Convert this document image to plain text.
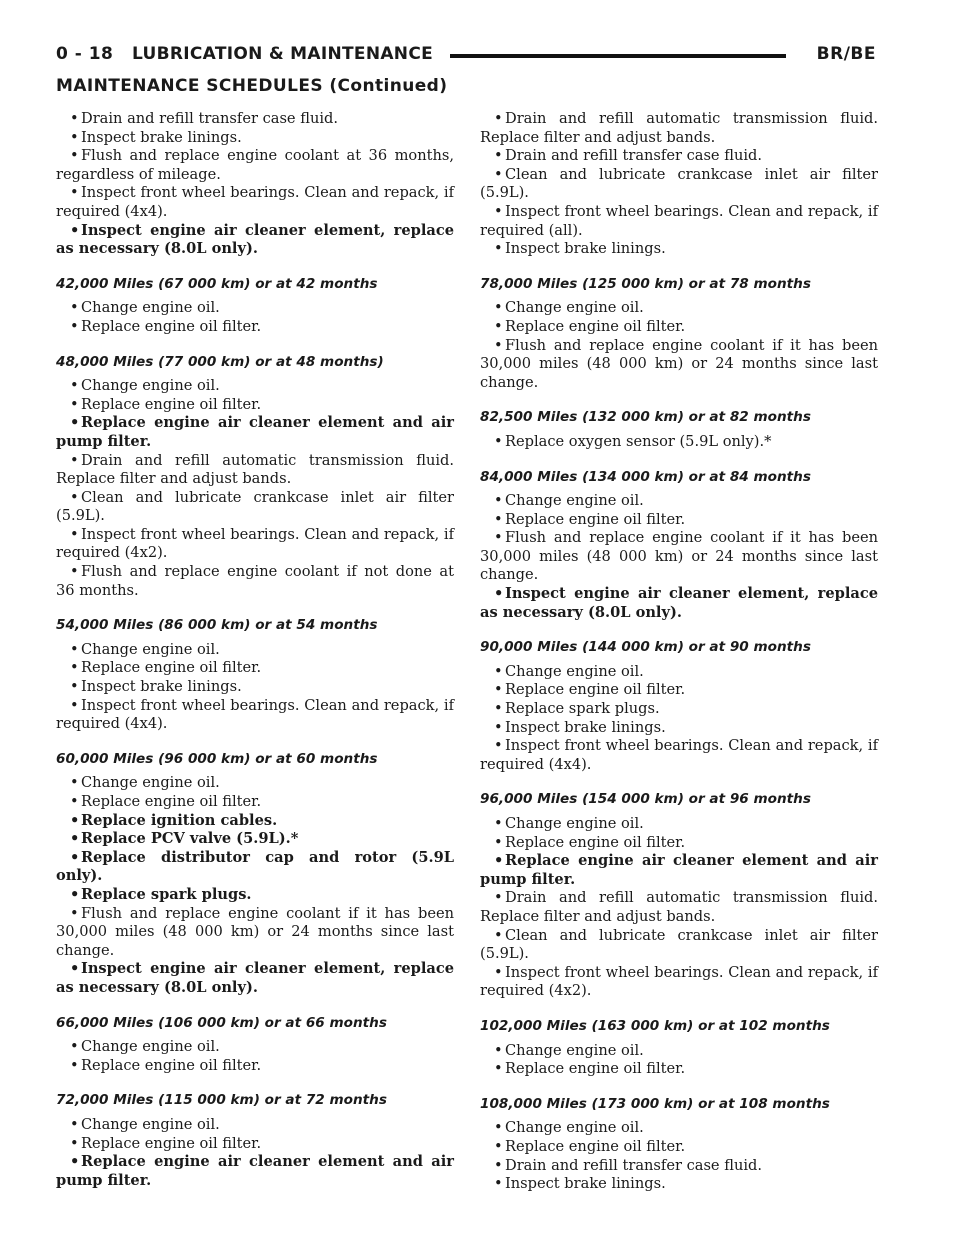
0 - 18 LUBRICATION & MAINTENANCE	BR/BE
MAINTENANCE SCHEDULES (Continued)

• Drain and refill transfer case fluid.

• Inspect brake linings.

• Flush and replace engine coolant at 36 months, regardless of mileage.

• Inspect front wheel bearings. Clean and repack, if required (4x4).

• Inspect engine air cleaner element, replace as necessary (8.0L only).

42,000 Miles (67 000 km) or at 42 months

• Change engine oil.

• Replace engine oil filter.

48,000 Miles (77 000 km) or at 48 months)

• Change engine oil.

• Replace engine oil filter.

• Replace engine air cleaner element and air pump filter.

• Drain and refill automatic transmission fluid. Replace filter and adjust bands.

• Clean and lubricate crankcase inlet air filter (5.9L).

• Inspect front wheel bearings. Clean and repack, if required (4x2).

• Flush and replace engine coolant if not done at 36 months.

54,000 Miles (86 000 km) or at 54 months

• Change engine oil.

• Replace engine oil filter.

• Inspect brake linings.

• Inspect front wheel bearings. Clean and repack, if required (4x4).

60,000 Miles (96 000 km) or at 60 months

• Change engine oil.

• Replace engine oil filter.

• Replace ignition cables.

• Replace PCV valve (5.9L).*

• Replace distributor cap and rotor (5.9L only).

• Replace spark plugs.

• Flush and replace engine coolant if it has been 30,000 miles (48 000 km) or 24 months since last change.

• Inspect engine air cleaner element, replace as necessary (8.0L only).

66,000 Miles (106 000 km) or at 66 months

• Change engine oil.

• Replace engine oil filter.

72,000 Miles (115 000 km) or at 72 months

• Change engine oil.

• Replace engine oil filter.

• Replace engine air cleaner element and air pump filter.

• Drain and refill automatic transmission fluid. Replace filter and adjust bands.

• Drain and refill transfer case fluid.

• Clean and lubricate crankcase inlet air filter (5.9L).

• Inspect front wheel bearings. Clean and repack, if required (all).

• Inspect brake linings.

78,000 Miles (125 000 km) or at 78 months

• Change engine oil.

• Replace engine oil filter.

• Flush and replace engine coolant if it has been 30,000 miles (48 000 km) or 24 months since last change.

82,500 Miles (132 000 km) or at 82 months

• Replace oxygen sensor (5.9L only).*

84,000 Miles (134 000 km) or at 84 months

• Change engine oil.

• Replace engine oil filter.

• Flush and replace engine coolant if it has been 30,000 miles (48 000 km) or 24 months since last change.

• Inspect engine air cleaner element, replace as necessary (8.0L only).

90,000 Miles (144 000 km) or at 90 months

• Change engine oil.

• Replace engine oil filter.

• Replace spark plugs.

• Inspect brake linings.

• Inspect front wheel bearings. Clean and repack, if required (4x4).

96,000 Miles (154 000 km) or at 96 months

• Change engine oil.

• Replace engine oil filter.

• Replace engine air cleaner element and air pump filter.

• Drain and refill automatic transmission fluid. Replace filter and adjust bands.

• Clean and lubricate crankcase inlet air filter (5.9L).

• Inspect front wheel bearings. Clean and repack, if required (4x2).

102,000 Miles (163 000 km) or at 102 months

• Change engine oil.

• Replace engine oil filter.

108,000 Miles (173 000 km) or at 108 months

• Change engine oil.

• Replace engine oil filter.

• Drain and refill transfer case fluid.

• Inspect brake linings.
